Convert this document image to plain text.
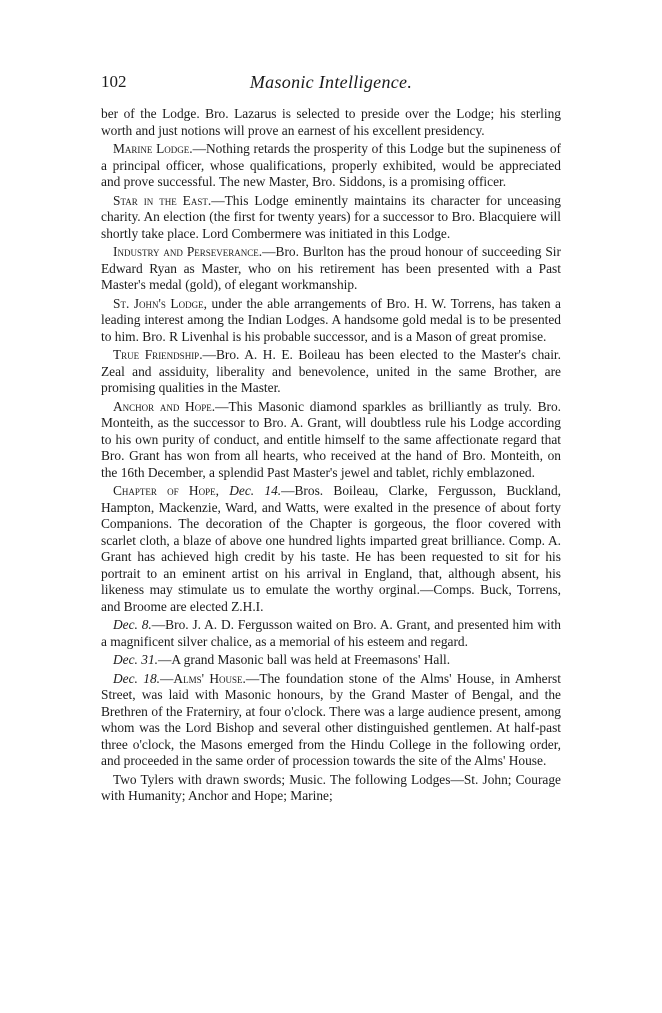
102	Masonic Intelligence.

ber of the Lodge. Bro. Lazarus is selected to preside over the Lodge; his sterling worth and just notions will prove an earnest of his excellent presidency.

Marine Lodge.—Nothing retards the prosperity of this Lodge but the supineness of a principal officer, whose qualifications, properly exhibited, would be appreciated and prove successful. The new Master, Bro. Siddons, is a promising officer.

Star in the East.—This Lodge eminently maintains its character for unceasing charity. An election (the first for twenty years) for a successor to Bro. Blacquiere will shortly take place. Lord Combermere was initiated in this Lodge.

Industry and Perseverance.—Bro. Burlton has the proud honour of succeeding Sir Edward Ryan as Master, who on his retirement has been presented with a Past Master's medal (gold), of elegant workmanship.

St. John's Lodge, under the able arrangements of Bro. H. W. Torrens, has taken a leading interest among the Indian Lodges. A handsome gold medal is to be presented to him. Bro. R Livenhal is his probable successor, and is a Mason of great promise.

True Friendship.—Bro. A. H. E. Boileau has been elected to the Master's chair. Zeal and assiduity, liberality and benevolence, united in the same Brother, are promising qualities in the Master.

Anchor and Hope.—This Masonic diamond sparkles as brilliantly as truly. Bro. Monteith, as the successor to Bro. A. Grant, will doubtless rule his Lodge according to his own purity of conduct, and entitle himself to the same affectionate regard that Bro. Grant has won from all hearts, who received at the hand of Bro. Monteith, on the 16th December, a splendid Past Master's jewel and tablet, richly emblazoned.

Chapter of Hope, Dec. 14.—Bros. Boileau, Clarke, Fergusson, Buckland, Hampton, Mackenzie, Ward, and Watts, were exalted in the presence of about forty Companions. The decoration of the Chapter is gorgeous, the floor covered with scarlet cloth, a blaze of above one hundred lights imparted great brilliance. Comp. A. Grant has achieved high credit by his taste. He has been requested to sit for his portrait to an eminent artist on his arrival in England, that, although absent, his likeness may stimulate us to emulate the worthy orginal.—Comps. Buck, Torrens, and Broome are elected Z.H.I.

Dec. 8.—Bro. J. A. D. Fergusson waited on Bro. A. Grant, and presented him with a magnificent silver chalice, as a memorial of his esteem and regard.

Dec. 31.—A grand Masonic ball was held at Freemasons' Hall.

Dec. 18.—Alms' House.—The foundation stone of the Alms' House, in Amherst Street, was laid with Masonic honours, by the Grand Master of Bengal, and the Brethren of the Fraterniry, at four o'clock. There was a large audience present, among whom was the Lord Bishop and several other distinguished gentlemen. At half-past three o'clock, the Masons emerged from the Hindu College in the following order, and proceeded in the same order of procession towards the site of the Alms' House.

Two Tylers with drawn swords; Music. The following Lodges—St. John; Courage with Humanity; Anchor and Hope; Marine;
